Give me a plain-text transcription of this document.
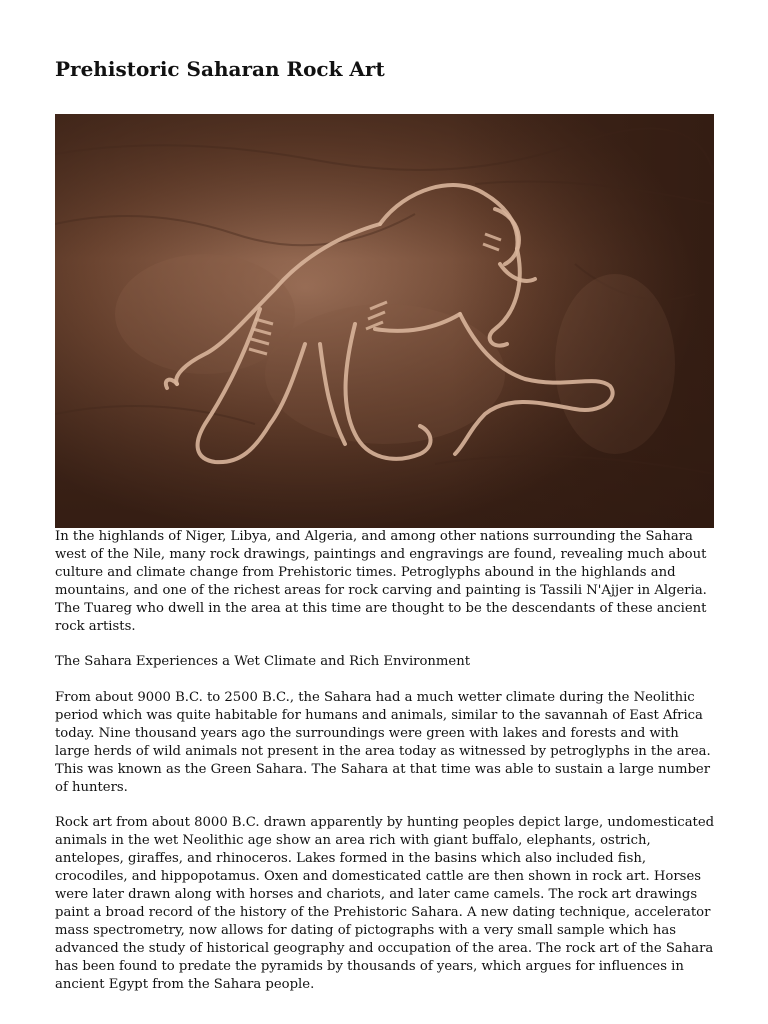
Prehistoric Saharan Rock Art

In the highlands of Niger, Libya, and Algeria, and among other nations surrounding the Sahara west of the Nile, many rock drawings, paintings and engravings are found, revealing much about culture and climate change from Prehistoric times. Petroglyphs abound in the highlands and mountains, and one of the richest areas for rock carving and painting is Tassili N'Ajjer in Algeria. The Tuareg who dwell in the area at this time are thought to be the descendants of these ancient rock artists.

The Sahara Experiences a Wet Climate and Rich Environment

From about 9000 B.C. to 2500 B.C., the Sahara had a much wetter climate during the Neolithic period which was quite habitable for humans and animals, similar to the savannah of East Africa today. Nine thousand years ago the surroundings were green with lakes and forests and with large herds of wild animals not present in the area today as witnessed by petroglyphs in the area. This was known as the Green Sahara. The Sahara at that time was able to sustain a large number of hunters.

Rock art from about 8000 B.C. drawn apparently by hunting peoples depict large, undomesticated animals in the wet Neolithic age show an area rich with giant buffalo, elephants, ostrich, antelopes, giraffes, and rhinoceros. Lakes formed in the basins which also included fish, crocodiles, and hippopotamus. Oxen and domesticated cattle are then shown in rock art. Horses were later drawn along with horses and chariots, and later came camels. The rock art drawings paint a broad record of the history of the Prehistoric Sahara. A new dating technique, accelerator mass spectrometry, now allows for dating of pictographs with a very small sample which has advanced the study of historical geography and occupation of the area. The rock art of the Sahara has been found to predate the pyramids by thousands of years, which argues for influences in ancient Egypt from the Sahara people.
